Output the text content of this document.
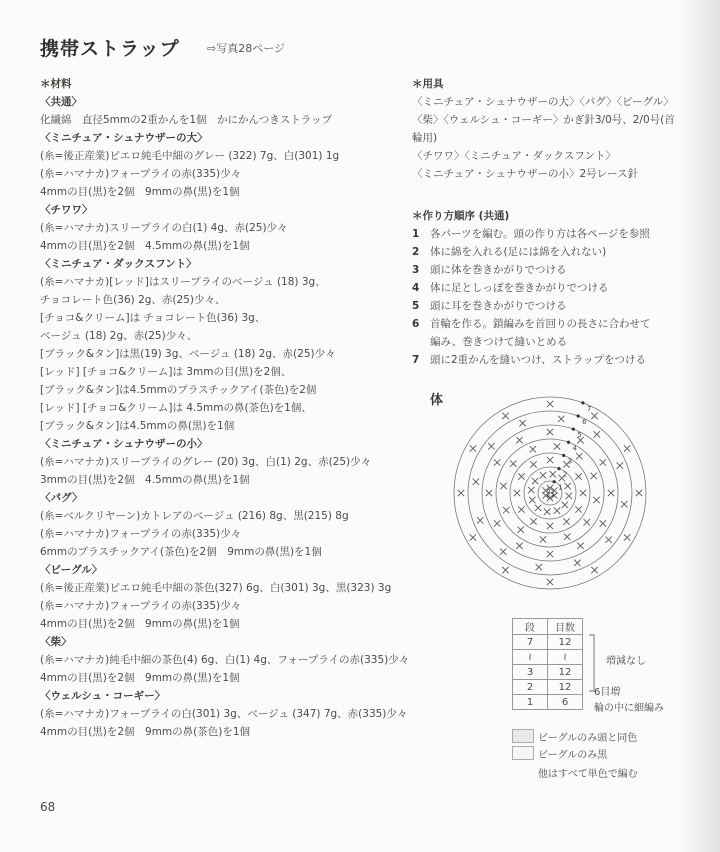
携帯ストラップ ⇨写真28ページ
＊材料
〈共通〉
化繊綿　直径5mmの2重かんを1個　かにかんつきストラップ
〈ミニチュア・シュナウザーの大〉
(糸=後正産業)ピエロ純毛中細のグレー (322) 7g、白(301) 1g
(糸=ハマナカ)フォープライの赤(335)少々
4mmの目(黒)を2個　9mmの鼻(黒)を1個
〈チワワ〉
(糸=ハマナカ)スリープライの白(1) 4g、赤(25)少々
4mmの目(黒)を2個　4.5mmの鼻(黒)を1個
〈ミニチュア・ダックスフント〉
(糸=ハマナカ)[レッド]はスリープライのベージュ (18) 3g、
チョコレート色(36) 2g、赤(25)少々、
[チョコ&クリーム]は チョコレート色(36) 3g、
ベージュ (18) 2g、赤(25)少々、
[ブラック&タン]は黒(19) 3g、ベージュ (18) 2g、赤(25)少々
[レッド] [チョコ&クリーム]は 3mmの目(黒)を2個、
[ブラック&タン]は4.5mmのプラスチックアイ(茶色)を2個
[レッド] [チョコ&クリーム]は 4.5mmの鼻(茶色)を1個、
[ブラック&タン]は4.5mmの鼻(黒)を1個
〈ミニチュア・シュナウザーの小〉
(糸=ハマナカ)スリープライのグレー (20) 3g、白(1) 2g、赤(25)少々
3mmの目(黒)を2個　4.5mmの鼻(黒)を1個
〈パグ〉
(糸=ベルクリヤーン)カトレアのベージュ (216) 8g、黒(215) 8g
(糸=ハマナカ)フォープライの赤(335)少々
6mmのプラスチックアイ(茶色)を2個　9mmの鼻(黒)を1個
〈ビーグル〉
(糸=後正産業)ピエロ純毛中細の茶色(327) 6g、白(301) 3g、黒(323) 3g
(糸=ハマナカ)フォープライの赤(335)少々
4mmの目(黒)を2個　9mmの鼻(黒)を1個
〈柴〉
(糸=ハマナカ)純毛中細の茶色(4) 6g、白(1) 4g、フォープライの赤(335)少々
4mmの目(黒)を2個　9mmの鼻(黒)を1個
〈ウェルシュ・コーギー〉
(糸=ハマナカ)フォープライの白(301) 3g、ベージュ (347) 7g、赤(335)少々
4mmの目(黒)を2個　9mmの鼻(茶色)を1個
＊用具
〈ミニチュア・シュナウザーの大〉〈パグ〉〈ビーグル〉
〈柴〉〈ウェルシュ・コーギー〉かぎ針3/0号、2/0号(首
輪用)
〈チワワ〉〈ミニチュア・ダックスフント〉
〈ミニチュア・シュナウザーの小〉2号レース針
＊作り方順序 (共通)
1	各パーツを編む。頭の作り方は各ページを参照
2	体に綿を入れる(足には綿を入れない)
3	頭に体を巻きかがりでつける
4	体に足としっぽを巻きかがりでつける
5	頭に耳を巻きかがりでつける
6	首輪を作る。鎖編みを首回りの長さに合わせて
編み、巻きつけて縫いとめる
7	頭に2重かんを縫いつけ、ストラップをつける
体
1
2
3
4
5
6
7
わ
段	目数
7	12
≀	≀
3	12
2	12
1	6
増減なし
6目増
輪の中に細編み
ビーグルのみ頭と同色
ビーグルのみ黒
他はすべて単色で編む
68
